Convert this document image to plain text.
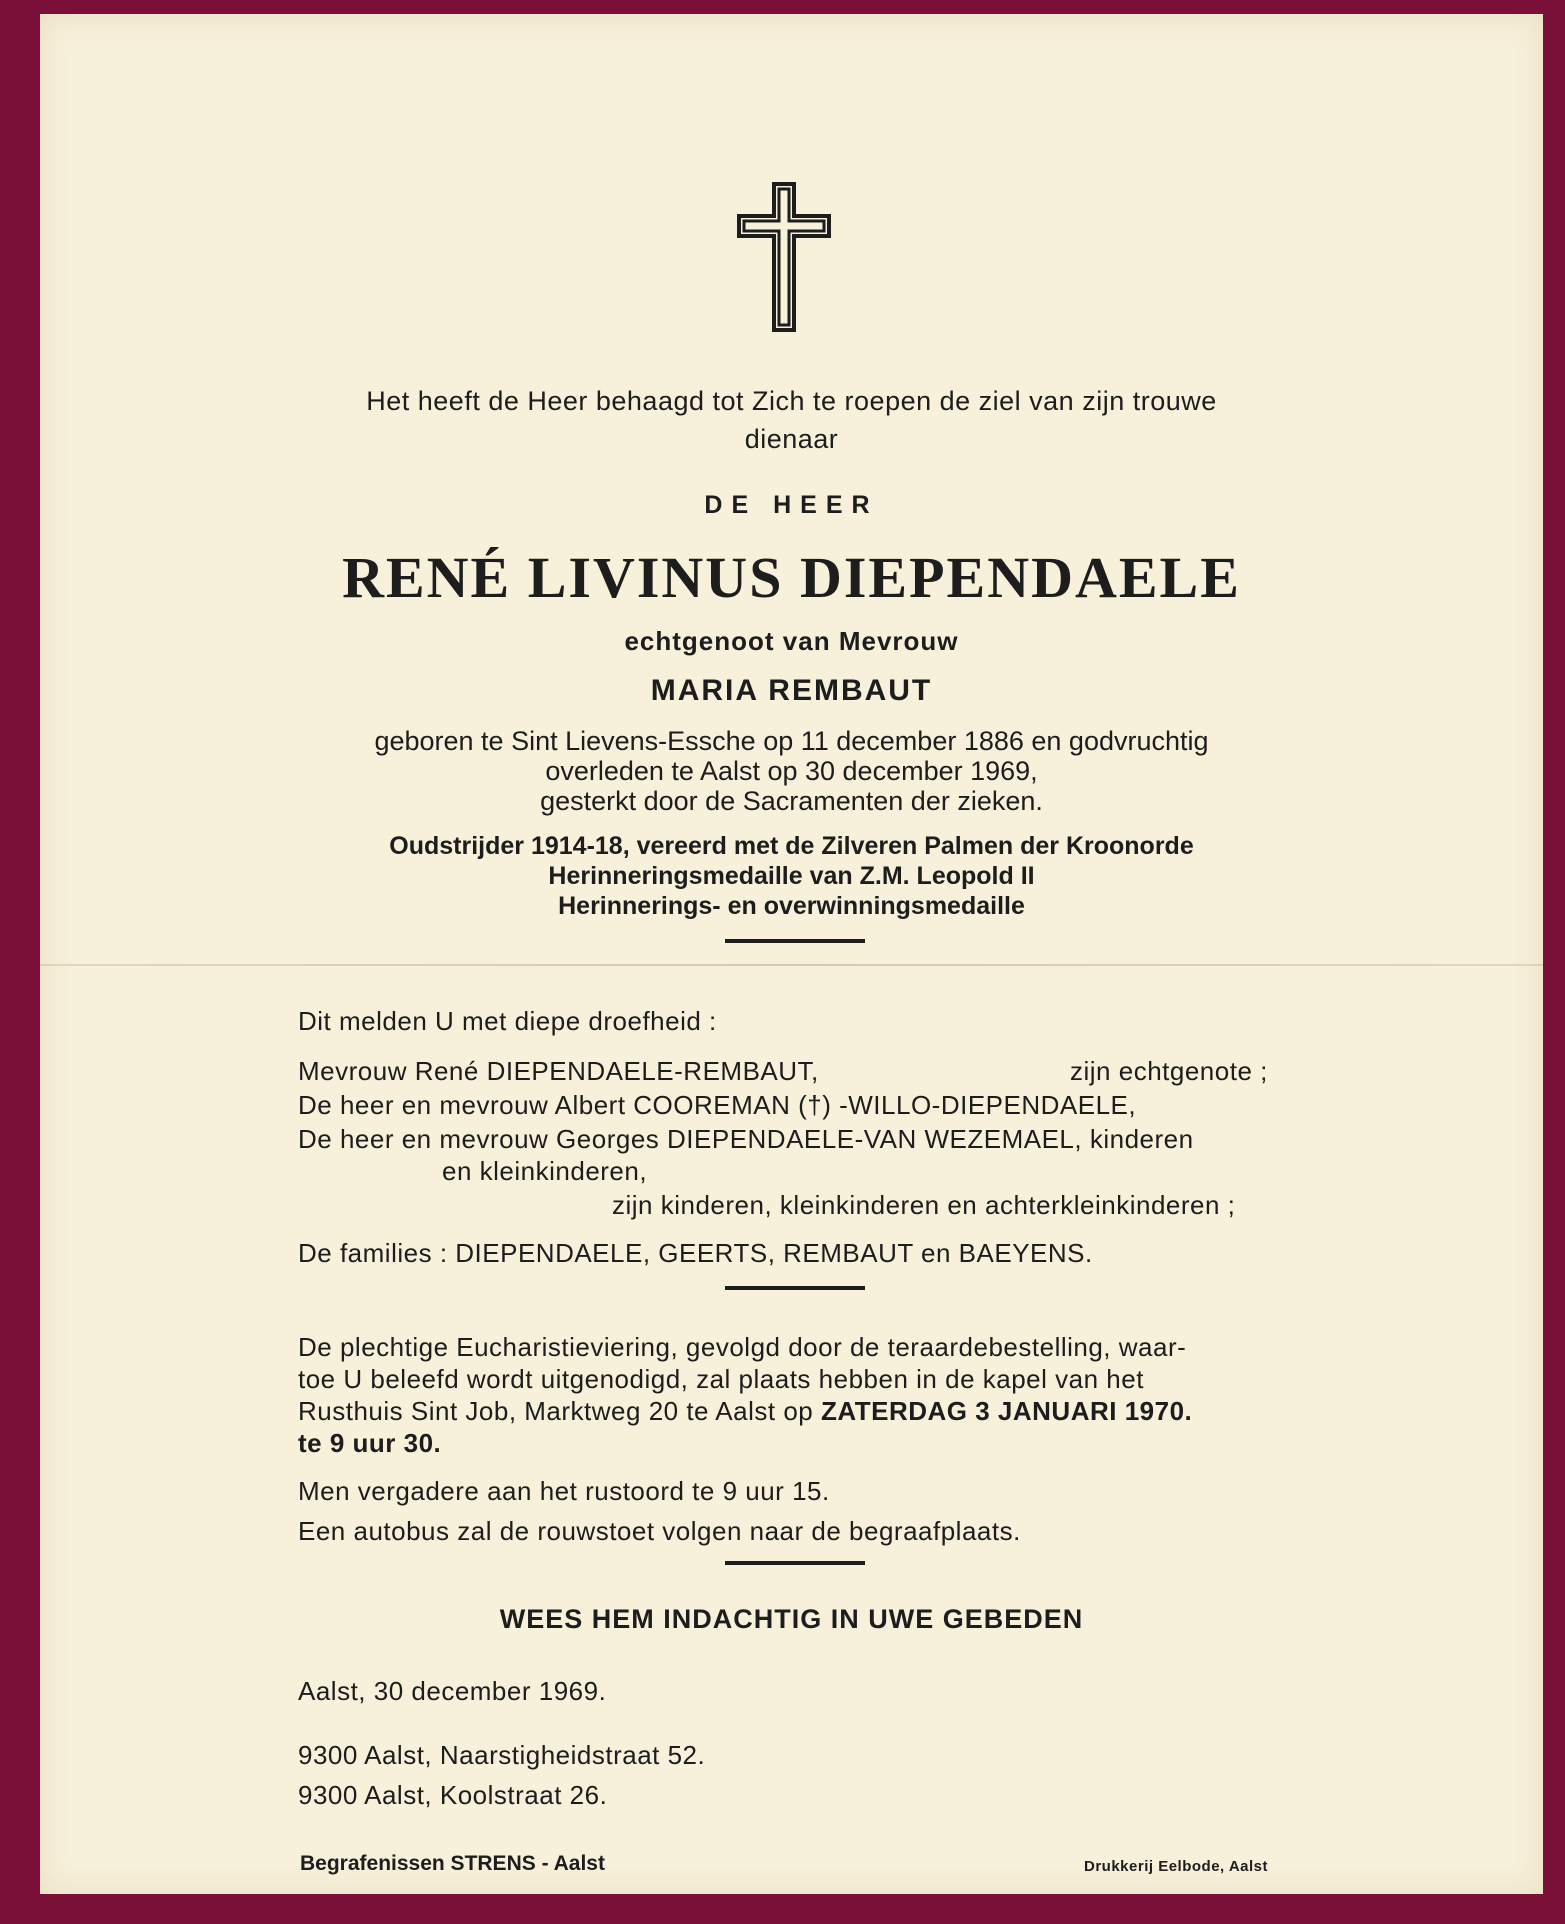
Het heeft de Heer behaagd tot Zich te roepen de ziel van zijn trouwe
dienaar
DE HEER
RENÉ LIVINUS DIEPENDAELE
echtgenoot van Mevrouw
MARIA REMBAUT
geboren te Sint Lievens-Essche op 11 december 1886 en godvruchtig
overleden te Aalst op 30 december 1969,
gesterkt door de Sacramenten der zieken.
Oudstrijder 1914-18, vereerd met de Zilveren Palmen der Kroonorde
Herinneringsmedaille van Z.M. Leopold II
Herinnerings- en overwinningsmedaille
Dit melden U met diepe droefheid :
Mevrouw René DIEPENDAELE-REMBAUT,	zijn echtgenote ;
De heer en mevrouw Albert COOREMAN (†) -WILLO-DIEPENDAELE,
De heer en mevrouw Georges DIEPENDAELE-VAN WEZEMAEL, kinderen
en kleinkinderen,
zijn kinderen, kleinkinderen en achterkleinkinderen ;
De families : DIEPENDAELE, GEERTS, REMBAUT en BAEYENS.
De plechtige Eucharistieviering, gevolgd door de teraardebestelling, waar-
toe U beleefd wordt uitgenodigd, zal plaats hebben in de kapel van het
Rusthuis Sint Job, Marktweg 20 te Aalst op ZATERDAG 3 JANUARI 1970.
te 9 uur 30.
Men vergadere aan het rustoord te 9 uur 15.
Een autobus zal de rouwstoet volgen naar de begraafplaats.
WEES HEM INDACHTIG IN UWE GEBEDEN
Aalst, 30 december 1969.
9300 Aalst, Naarstigheidstraat 52.
9300 Aalst, Koolstraat 26.
Begrafenissen STRENS - Aalst	Drukkerij Eelbode, Aalst
